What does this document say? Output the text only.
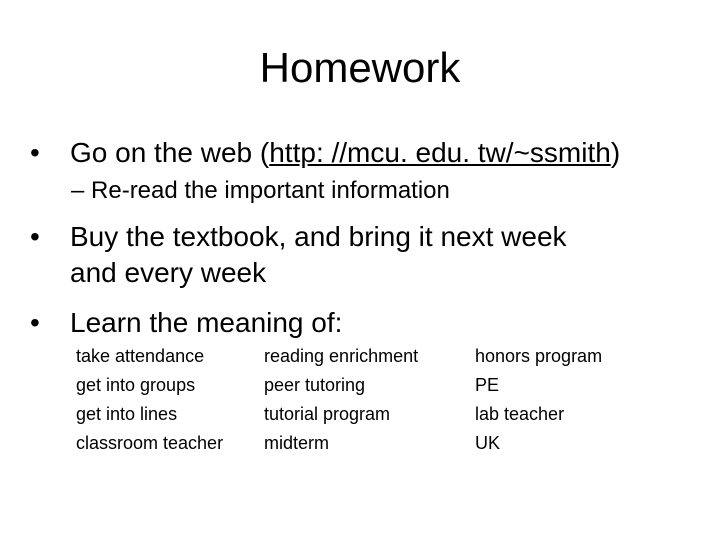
Homework
• Go on the web (http: //mcu. edu. tw/~ssmith)
– Re-read the important information
• Buy the textbook, and bring it next week
and every week
• Learn the meaning of:
take attendance
get into groups
get into lines
classroom teacher
reading enrichment
peer tutoring
tutorial program
midterm
honors program
PE
lab teacher
UK
